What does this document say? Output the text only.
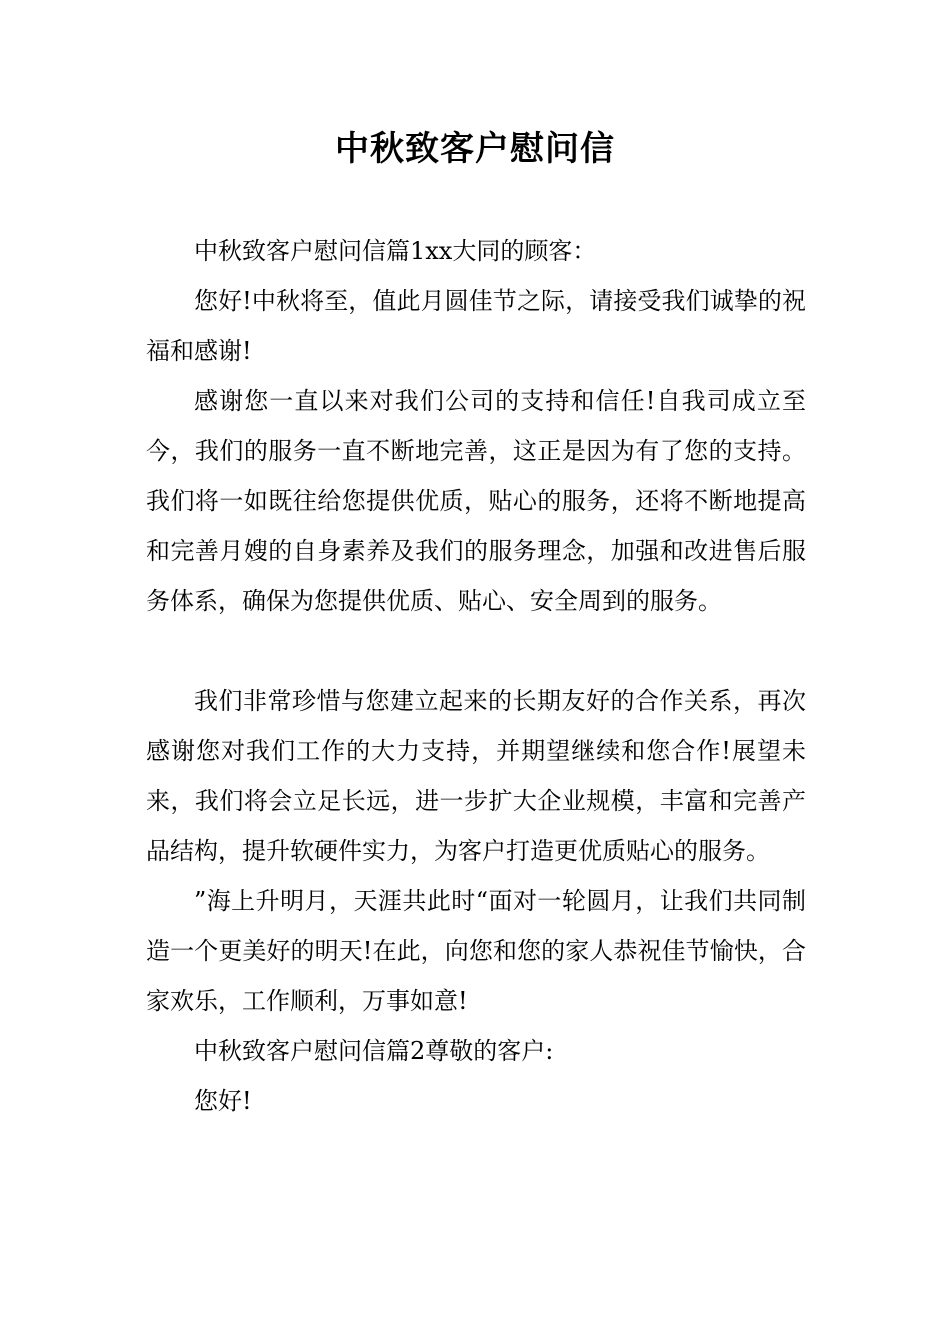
中秋致客户慰问信

中秋致客户慰问信篇1xx大同的顾客：

您好!中秋将至，值此月圆佳节之际，请接受我们诚挚的祝福和感谢!

感谢您一直以来对我们公司的支持和信任!自我司成立至今，我们的服务一直不断地完善，这正是因为有了您的支持。我们将一如既往给您提供优质，贴心的服务，还将不断地提高和完善月嫂的自身素养及我们的服务理念，加强和改进售后服务体系，确保为您提供优质、贴心、安全周到的服务。

我们非常珍惜与您建立起来的长期友好的合作关系，再次感谢您对我们工作的大力支持，并期望继续和您合作!展望未来，我们将会立足长远，进一步扩大企业规模，丰富和完善产品结构，提升软硬件实力，为客户打造更优质贴心的服务。

”海上升明月，天涯共此时“面对一轮圆月，让我们共同制造一个更美好的明天!在此，向您和您的家人恭祝佳节愉快，合家欢乐，工作顺利，万事如意!

中秋致客户慰问信篇2尊敬的客户:

您好!
